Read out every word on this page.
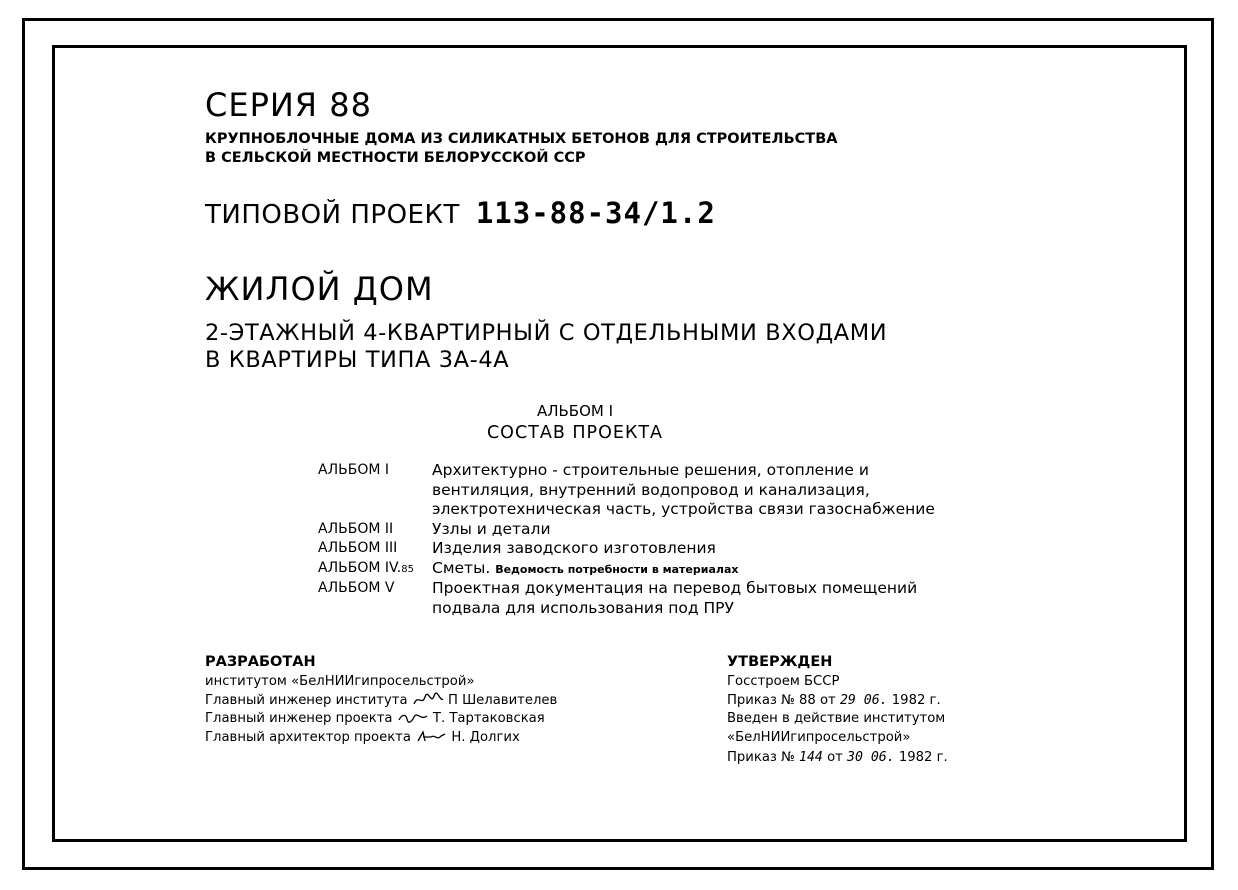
СЕРИЯ 88
КРУПНОБЛОЧНЫЕ ДОМА ИЗ СИЛИКАТНЫХ БЕТОНОВ ДЛЯ СТРОИТЕЛЬСТВА
В СЕЛЬСКОЙ МЕСТНОСТИ БЕЛОРУССКОЙ ССР
ТИПОВОЙ ПРОЕКТ 113-88-34/1.2
ЖИЛОЙ ДОМ
2-ЭТАЖНЫЙ 4-КВАРТИРНЫЙ С ОТДЕЛЬНЫМИ ВХОДАМИ
В КВАРТИРЫ ТИПА 3А-4А
АЛЬБОМ I
СОСТАВ ПРОЕКТА
АЛЬБОМ I	Архитектурно - строительные решения, отопление и
вентиляция, внутренний водопровод и канализация,
электротехническая часть, устройства связи газоснабжение

АЛЬБОМ II	Узлы и детали
АЛЬБОМ III	Изделия заводского изготовления
АЛЬБОМ IV.85	Сметы. Ведомость потребности в материалах
АЛЬБОМ V	Проектная документация на перевод бытовых помещений
подвала для использования под ПРУ
РАЗРАБОТАН
институтом «БелНИИгипросельстрой»
Главный инженер института	П Шелавителев
Главный инженер проекта	Т. Тартаковская
Главный архитектор проекта	Н. Долгих
УТВЕРЖДЕН
Госстроем БССР
Приказ № 88 от 29 06. 1982 г.
Введен в действие институтом
«БелНИИгипросельстрой»
Приказ № 144 от 30 06. 1982 г.
